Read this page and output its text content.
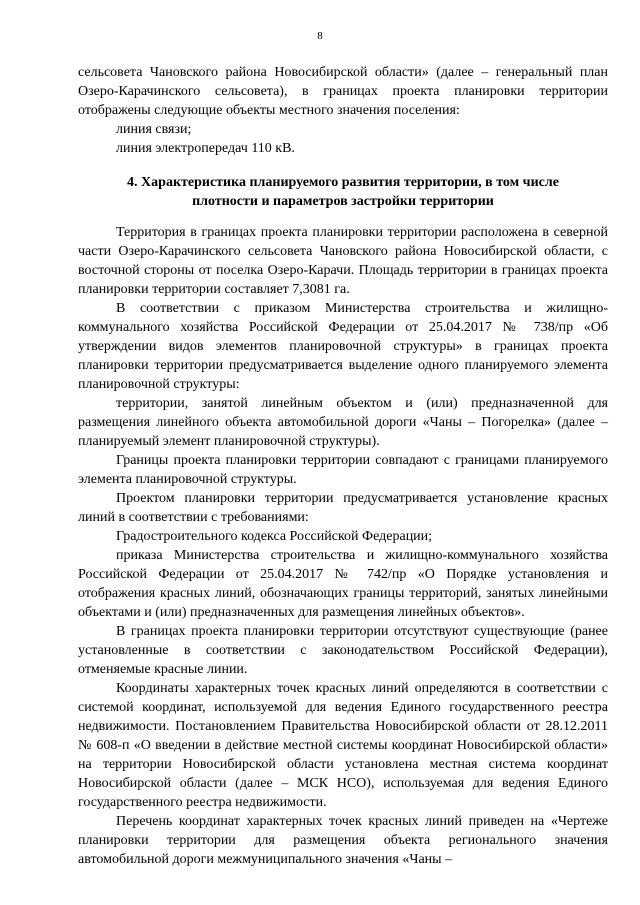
8

сельсовета Чановского района Новосибирской области» (далее – генеральный план Озеро-Карачинского сельсовета), в границах проекта планировки территории отображены следующие объекты местного значения поселения:

линия связи;

линия электропередач 110 кВ.

4. Характеристика планируемого развития территории, в том числе плотности и параметров застройки территории

Территория в границах проекта планировки территории расположена в северной части Озеро-Карачинского сельсовета Чановского района Новосибирской области, с восточной стороны от поселка Озеро-Карачи. Площадь территории в границах проекта планировки территории составляет 7,3081 га.

В соответствии с приказом Министерства строительства и жилищно-коммунального хозяйства Российской Федерации от 25.04.2017 № 738/пр «Об утверждении видов элементов планировочной структуры» в границах проекта планировки территории предусматривается выделение одного планируемого элемента планировочной структуры:

территории, занятой линейным объектом и (или) предназначенной для размещения линейного объекта автомобильной дороги «Чаны – Погорелка» (далее – планируемый элемент планировочной структуры).

Границы проекта планировки территории совпадают с границами планируемого элемента планировочной структуры.

Проектом планировки территории предусматривается установление красных линий в соответствии с требованиями:

Градостроительного кодекса Российской Федерации;

приказа Министерства строительства и жилищно-коммунального хозяйства Российской Федерации от 25.04.2017 № 742/пр «О Порядке установления и отображения красных линий, обозначающих границы территорий, занятых линейными объектами и (или) предназначенных для размещения линейных объектов».

В границах проекта планировки территории отсутствуют существующие (ранее установленные в соответствии с законодательством Российской Федерации), отменяемые красные линии.

Координаты характерных точек красных линий определяются в соответствии с системой координат, используемой для ведения Единого государственного реестра недвижимости. Постановлением Правительства Новосибирской области от 28.12.2011 № 608-п «О введении в действие местной системы координат Новосибирской области» на территории Новосибирской области установлена местная система координат Новосибирской области (далее – МСК НСО), используемая для ведения Единого государственного реестра недвижимости.

Перечень координат характерных точек красных линий приведен на «Чертеже планировки территории для размещения объекта регионального значения автомобильной дороги межмуниципального значения «Чаны –
